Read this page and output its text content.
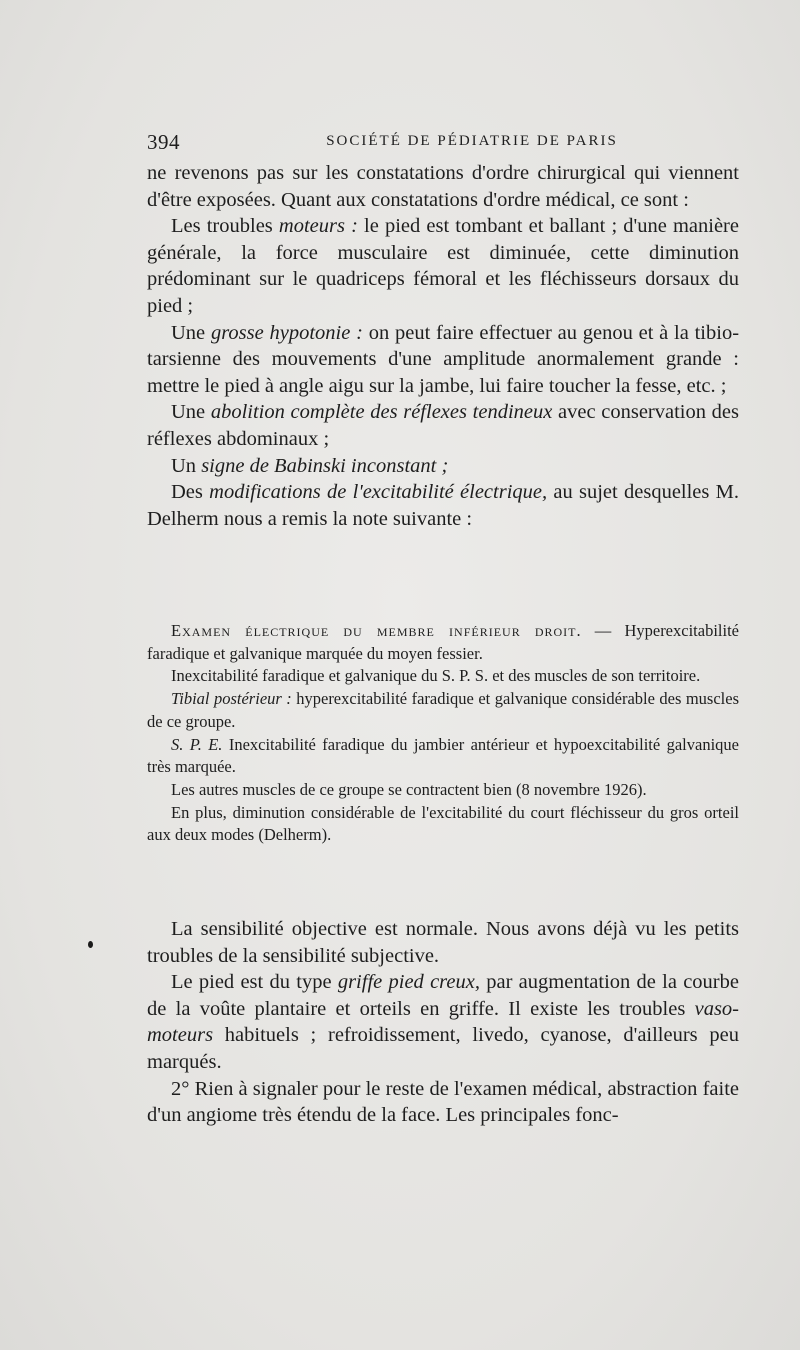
394	SOCIÉTÉ DE PÉDIATRIE DE PARIS

ne revenons pas sur les constatations d'ordre chirurgical qui viennent d'être exposées. Quant aux constatations d'ordre médical, ce sont :

Les troubles moteurs : le pied est tombant et ballant ; d'une manière générale, la force musculaire est diminuée, cette diminution prédominant sur le quadriceps fémoral et les fléchisseurs dorsaux du pied ;

Une grosse hypotonie : on peut faire effectuer au genou et à la tibio-tarsienne des mouvements d'une amplitude anormalement grande : mettre le pied à angle aigu sur la jambe, lui faire toucher la fesse, etc. ;

Une abolition complète des réflexes tendineux avec conservation des réflexes abdominaux ;

Un signe de Babinski inconstant ;

Des modifications de l'excitabilité électrique, au sujet desquelles M. Delherm nous a remis la note suivante :

Examen électrique du membre inférieur droit. — Hyperexcitabilité faradique et galvanique marquée du moyen fessier.

Inexcitabilité faradique et galvanique du S. P. S. et des muscles de son territoire.

Tibial postérieur : hyperexcitabilité faradique et galvanique considérable des muscles de ce groupe.

S. P. E. Inexcitabilité faradique du jambier antérieur et hypoexcitabilité galvanique très marquée.

Les autres muscles de ce groupe se contractent bien (8 novembre 1926).

En plus, diminution considérable de l'excitabilité du court fléchisseur du gros orteil aux deux modes (Delherm).

La sensibilité objective est normale. Nous avons déjà vu les petits troubles de la sensibilité subjective.

Le pied est du type griffe pied creux, par augmentation de la courbe de la voûte plantaire et orteils en griffe. Il existe les troubles vaso-moteurs habituels ; refroidissement, livedo, cyanose, d'ailleurs peu marqués.

2° Rien à signaler pour le reste de l'examen médical, abstraction faite d'un angiome très étendu de la face. Les principales fonc-
